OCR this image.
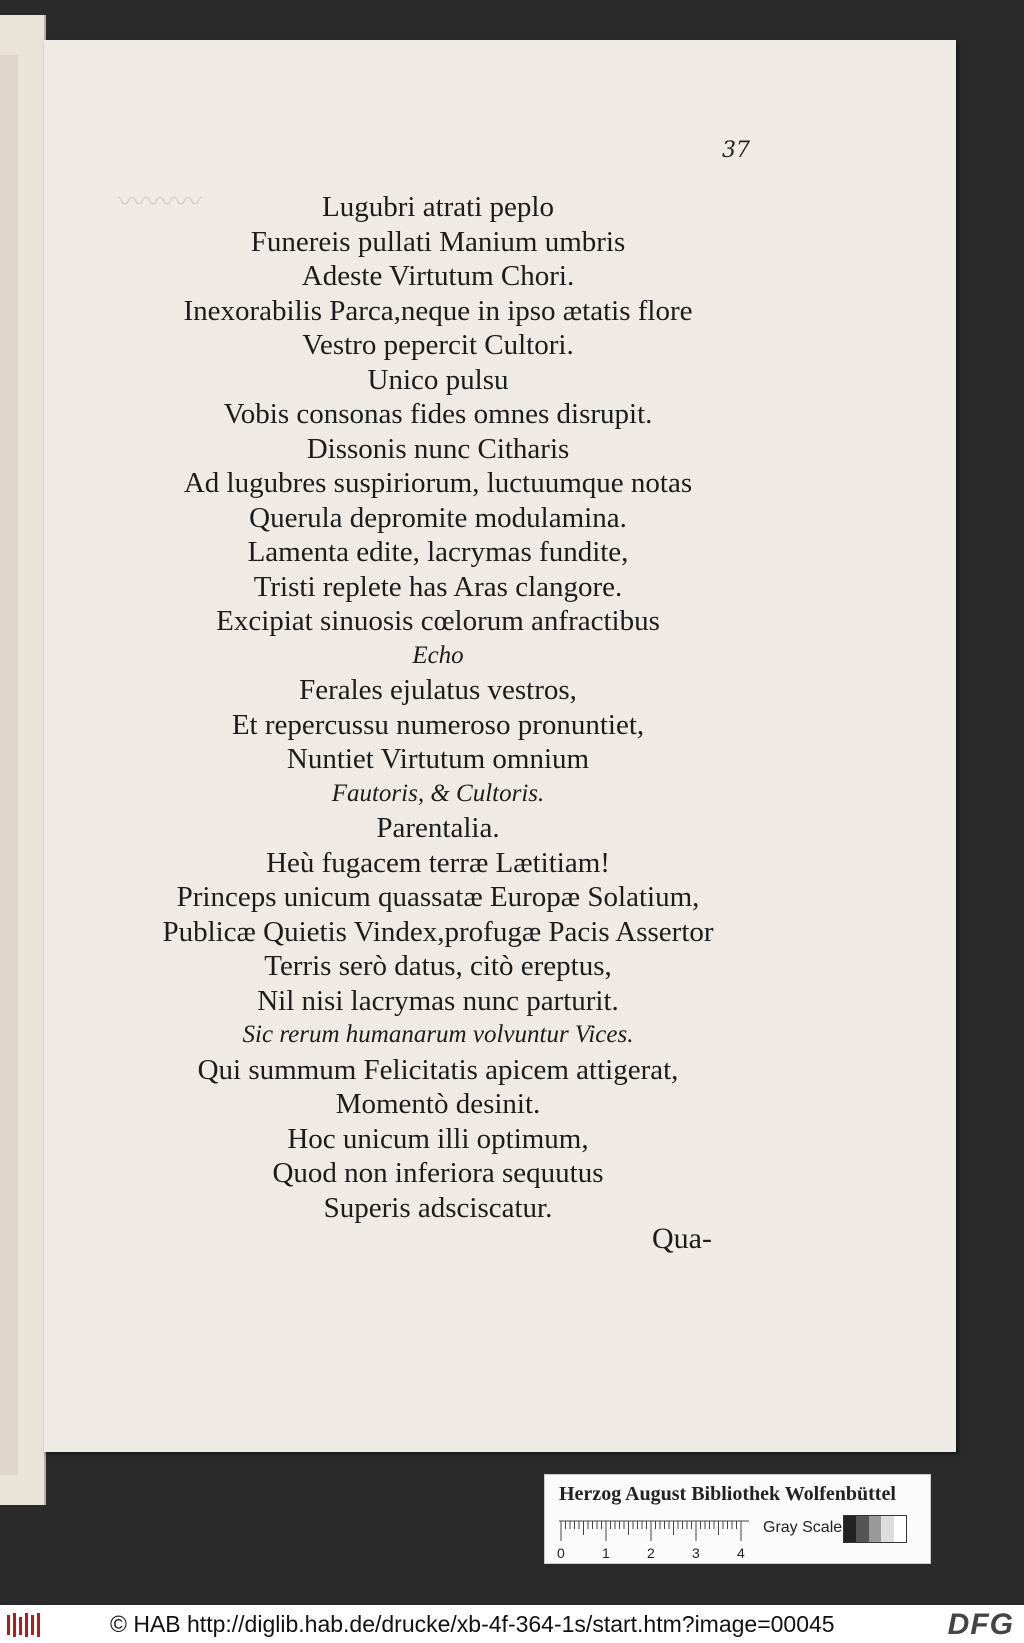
〰〰〰
37
Lugubri atrati peplo
Funereis pullati Manium umbris
Adeste Virtutum Chori.
Inexorabilis Parca,neque in ipso ætatis flore
Vestro pepercit Cultori.
Unico pulsu
Vobis consonas fides omnes disrupit.
Dissonis nunc Citharis
Ad lugubres suspiriorum, luctuumque notas
Querula depromite modulamina.
Lamenta edite, lacrymas fundite,
Tristi replete has Aras clangore.
Excipiat sinuosis cœlorum anfractibus
Echo
Ferales ejulatus vestros,
Et repercussu numeroso pronuntiet,
Nuntiet Virtutum omnium
Fautoris, & Cultoris.
Parentalia.
Heù fugacem terræ Lætitiam!
Princeps unicum quassatæ Europæ Solatium,
Publicæ Quietis Vindex,profugæ Pacis Assertor
Terris serò datus, citò ereptus,
Nil nisi lacrymas nunc parturit.
Sic rerum humanarum volvuntur Vices.
Qui summum Felicitatis apicem attigerat,
Momentò desinit.
Hoc unicum illi optimum,
Quod non inferiora sequutus
Superis adsciscatur.
Qua-
Herzog August Bibliothek Wolfenbüttel
0	1	2	3	4
Gray Scale
© HAB http://diglib.hab.de/drucke/xb-4f-364-1s/start.htm?image=00045	DFG
